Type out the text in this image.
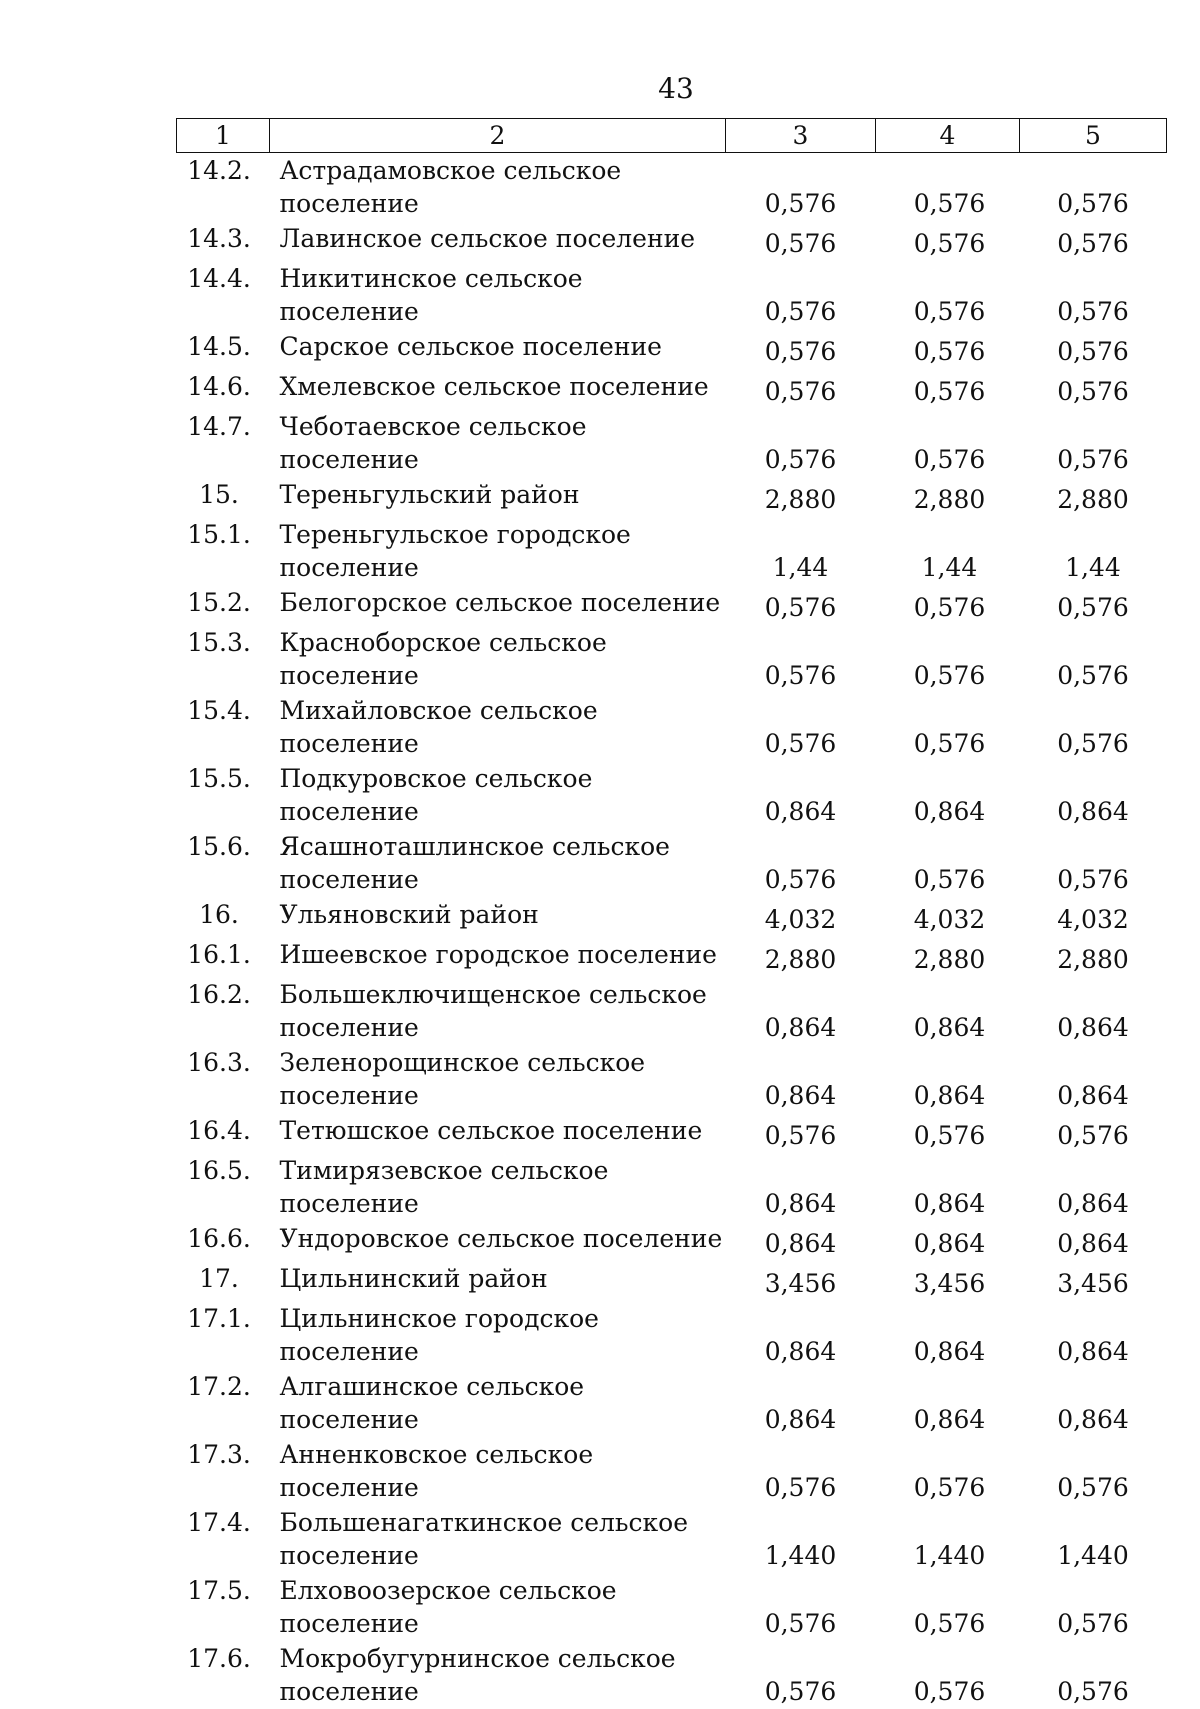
43
1	2	3	4	5
14.2.	Астрадамовское сельское
поселение	0,576	0,576	0,576
14.3.	Лавинское сельское поселение	0,576	0,576	0,576
14.4.	Никитинское сельское поселение	0,576	0,576	0,576
14.5.	Сарское сельское поселение	0,576	0,576	0,576
14.6.	Хмелевское сельское поселение	0,576	0,576	0,576
14.7.	Чеботаевское сельское поселение	0,576	0,576	0,576
15.	Тереньгульский район	2,880	2,880	2,880
15.1.	Тереньгульское городское
поселение	1,44	1,44	1,44
15.2.	Белогорское сельское поселение	0,576	0,576	0,576
15.3.	Красноборское сельское
поселение	0,576	0,576	0,576
15.4.	Михайловское сельское
поселение	0,576	0,576	0,576
15.5.	Подкуровское сельское
поселение	0,864	0,864	0,864
15.6.	Ясашноташлинское сельское
поселение	0,576	0,576	0,576
16.	Ульяновский район	4,032	4,032	4,032
16.1.	Ишеевское городское поселение	2,880	2,880	2,880
16.2.	Большеключищенское сельское
поселение	0,864	0,864	0,864
16.3.	Зеленорощинское сельское
поселение	0,864	0,864	0,864
16.4.	Тетюшское сельское поселение	0,576	0,576	0,576
16.5.	Тимирязевское сельское
поселение	0,864	0,864	0,864
16.6.	Ундоровское сельское поселение	0,864	0,864	0,864
17.	Цильнинский район	3,456	3,456	3,456
17.1.	Цильнинское городское
поселение	0,864	0,864	0,864
17.2.	Алгашинское сельское поселение	0,864	0,864	0,864
17.3.	Анненковское сельское
поселение	0,576	0,576	0,576
17.4.	Большенагаткинское сельское
поселение	1,440	1,440	1,440
17.5.	Елховоозерское сельское
поселение	0,576	0,576	0,576
17.6.	Мокробугурнинское сельское
поселение	0,576	0,576	0,576
